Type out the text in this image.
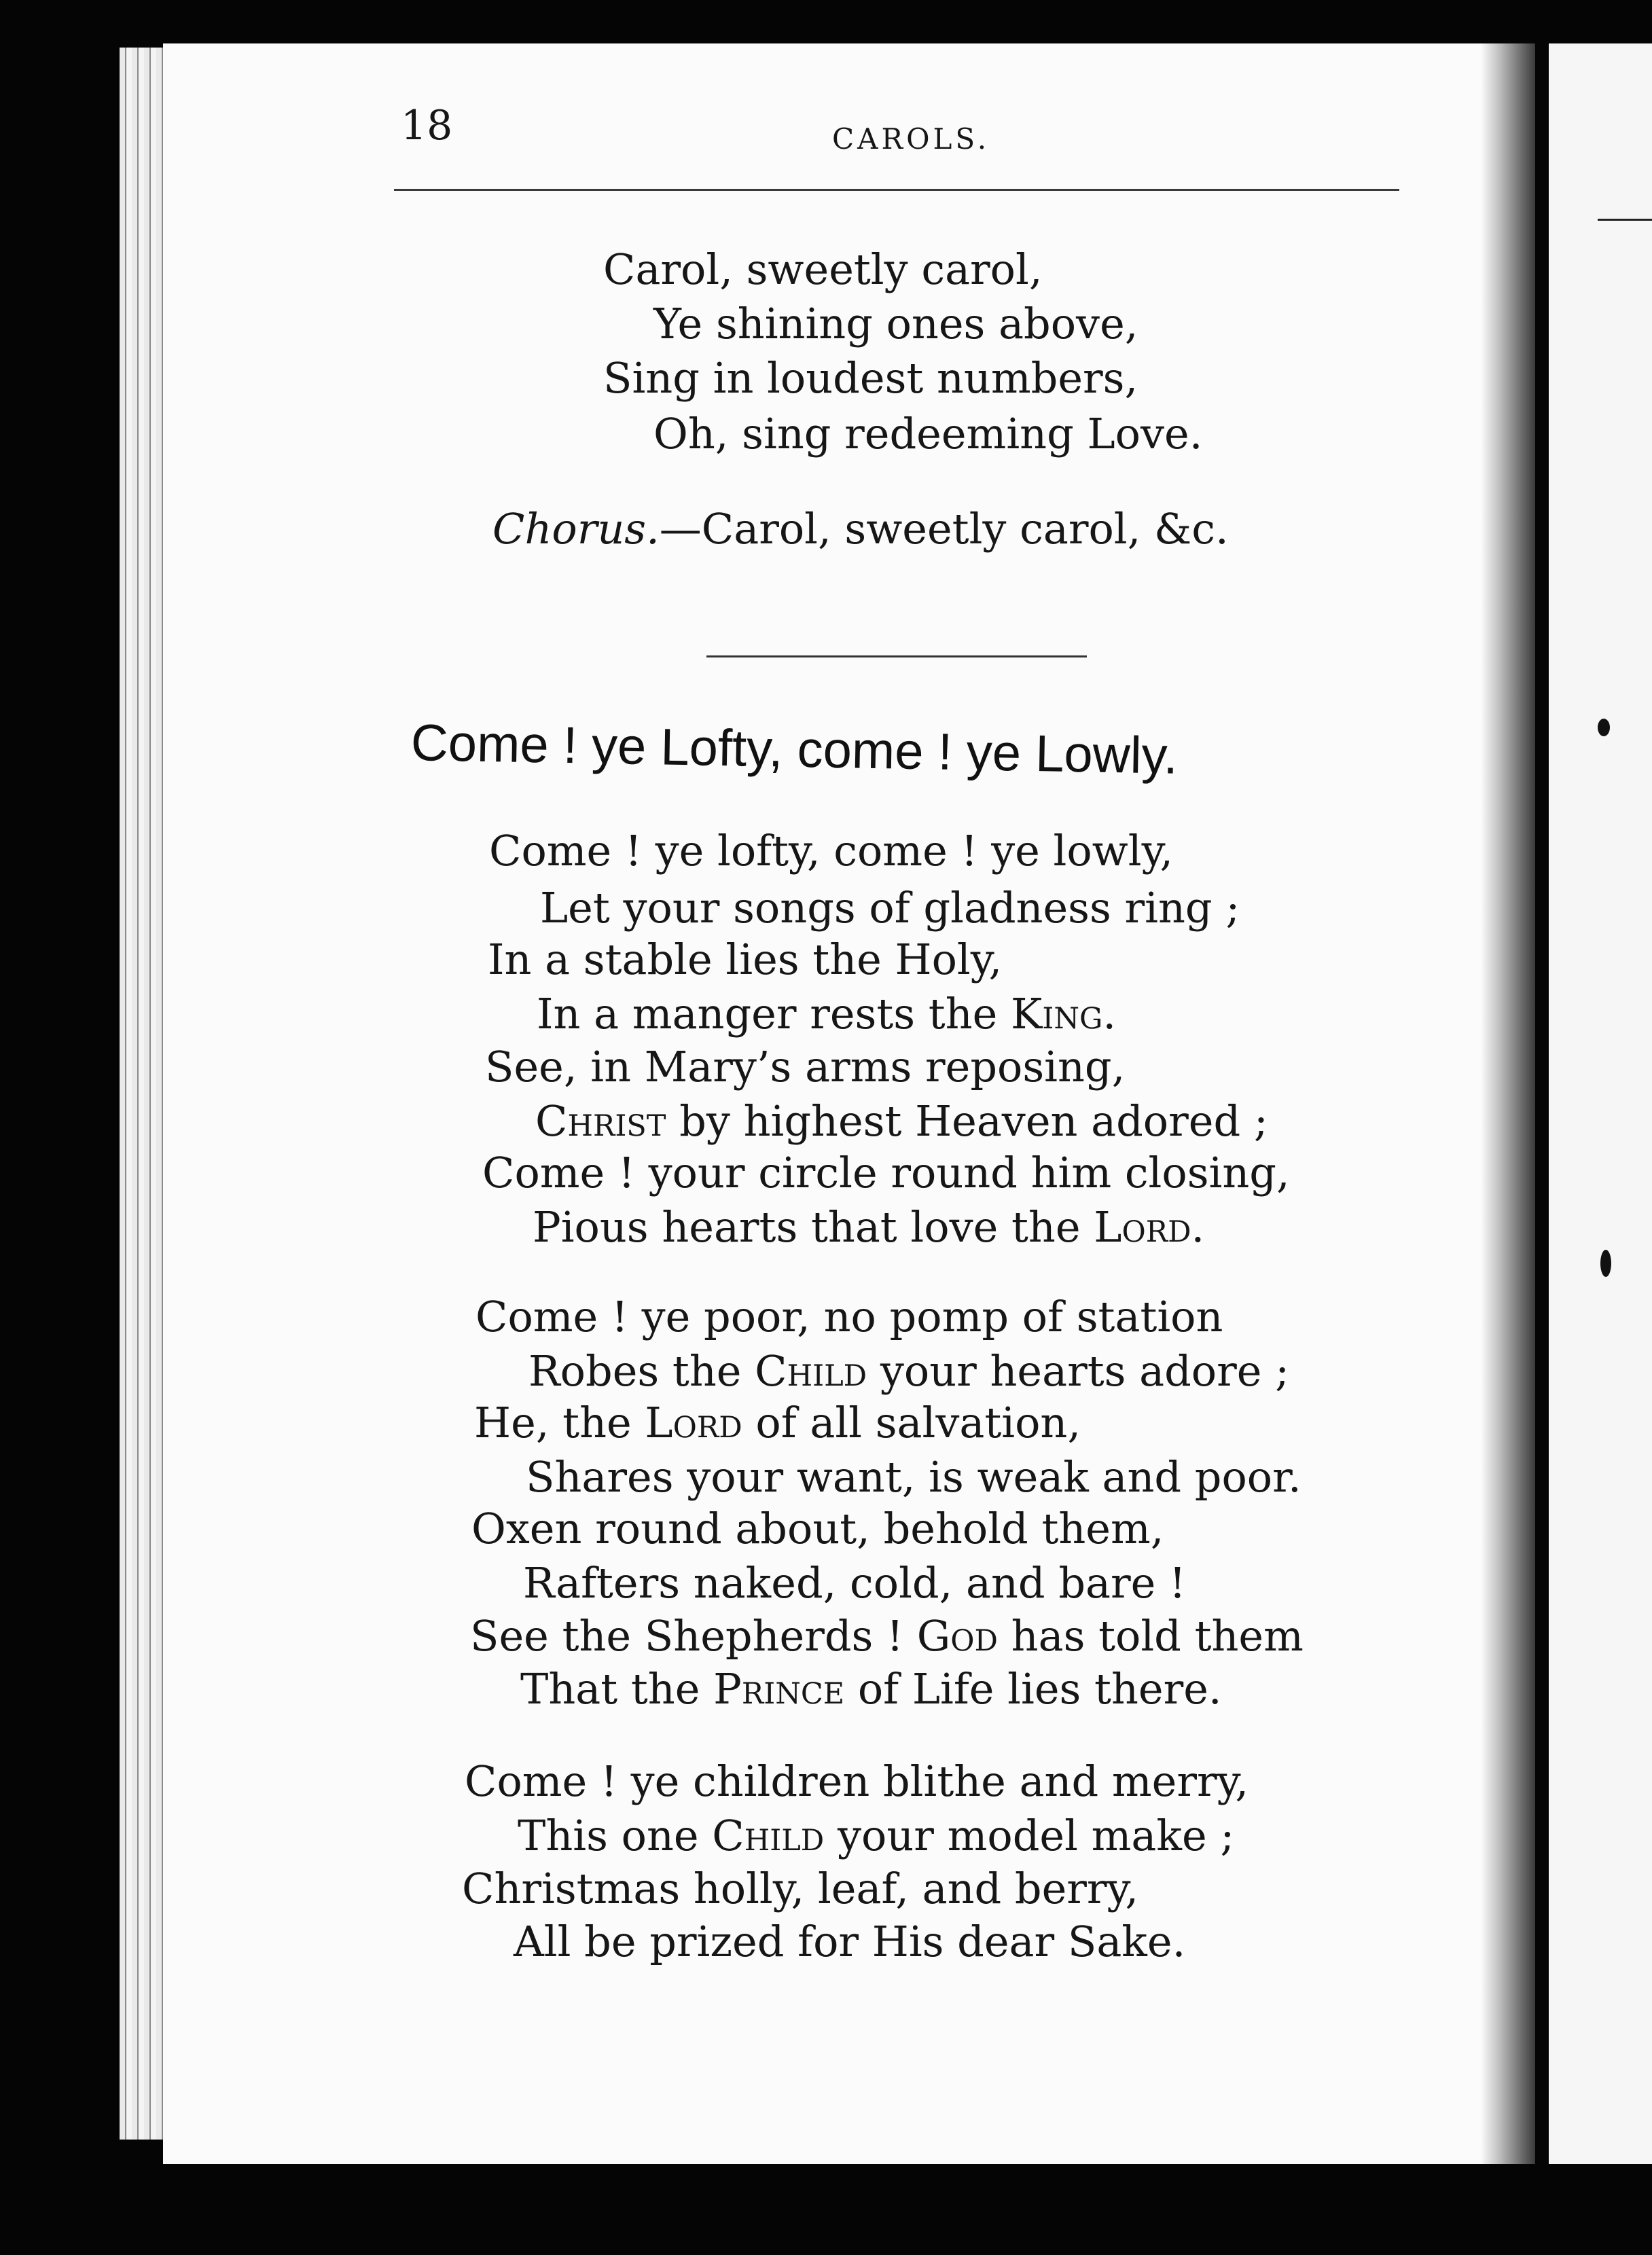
18	CAROLS.
Carol, sweetly carol,
Ye shining ones above,
Sing in loudest numbers,
Oh, sing redeeming Love.
Chorus.—Carol, sweetly carol, &c.
Come ! ye Lofty, come ! ye Lowly.
Come ! ye lofty, come ! ye lowly,
Let your songs of gladness ring ;
In a stable lies the Holy,
In a manger rests the King.
See, in Mary’s arms reposing,
Christ by highest Heaven adored ;
Come ! your circle round him closing,
Pious hearts that love the Lord.
Come ! ye poor, no pomp of station
Robes the Child your hearts adore ;
He, the Lord of all salvation,
Shares your want, is weak and poor.
Oxen round about, behold them,
Rafters naked, cold, and bare !
See the Shepherds ! God has told them
That the Prince of Life lies there.
Come ! ye children blithe and merry,
This one Child your model make ;
Christmas holly, leaf, and berry,
All be prized for His dear Sake.
